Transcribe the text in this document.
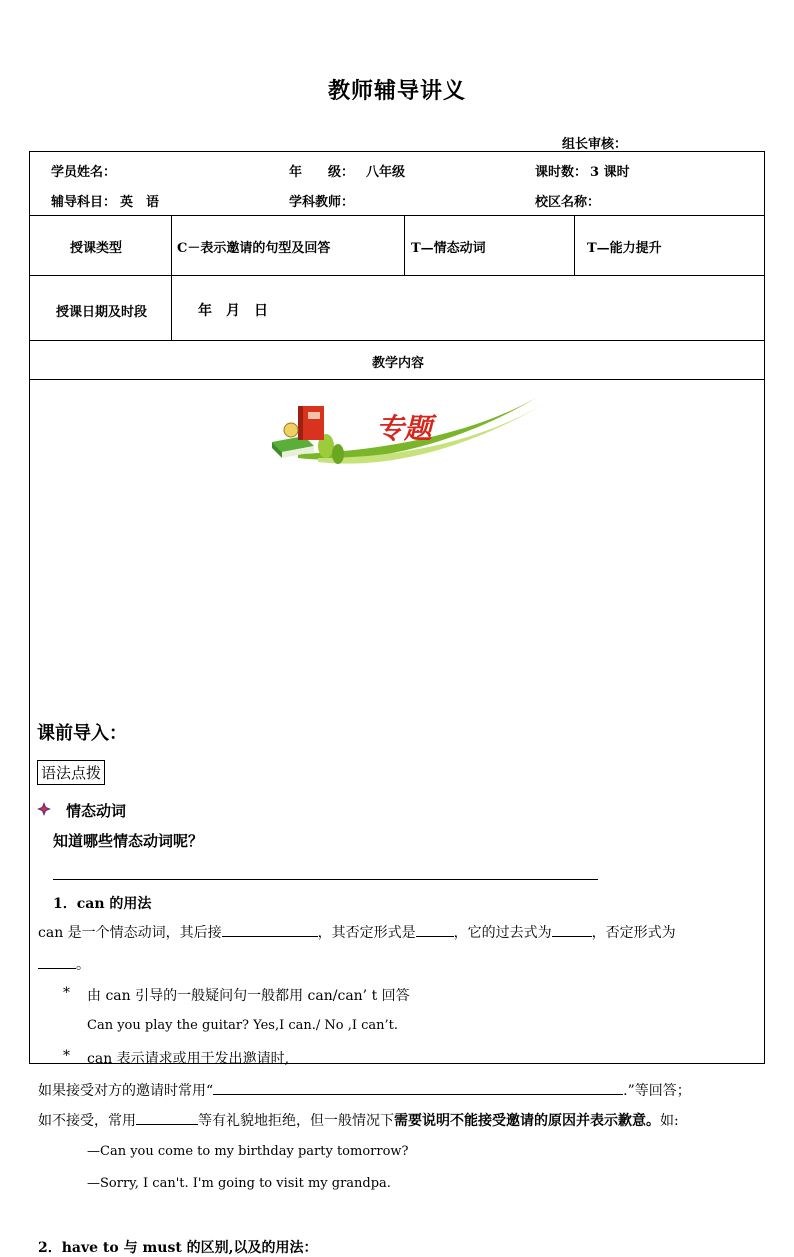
教师辅导讲义
组长审核：
学员姓名：	年　　级： 八年级	课时数： 3 课时
辅导科目： 英　语	学科教师：	校区名称：
授课类型	C－表示邀请的句型及回答	T—情态动词	T—能力提升
授课日期及时段	年　月　日
教学内容
专题
课前导入：
语法点拨
情态动词
知道哪些情态动词呢？
1．can 的用法
can 是一个情态动词，其后接	，其否定形式是	，它的过去式为	，否定形式为
。
* 由 can 引导的一般疑问句一般都用 can/can’ t 回答
Can you play the guitar? Yes,I can./ No ,I can’t.
* can 表示请求或用于发出邀请时,
如果接受对方的邀请时常用“	.”等回答；
如不接受，常用	等有礼貌地拒绝，但一般情况下需要说明不能接受邀请的原因并表示歉意。如:
—Can you come to my birthday party tomorrow?
—Sorry, I can't. I'm going to visit my grandpa.
2．have to 与 must 的区别,以及的用法：
